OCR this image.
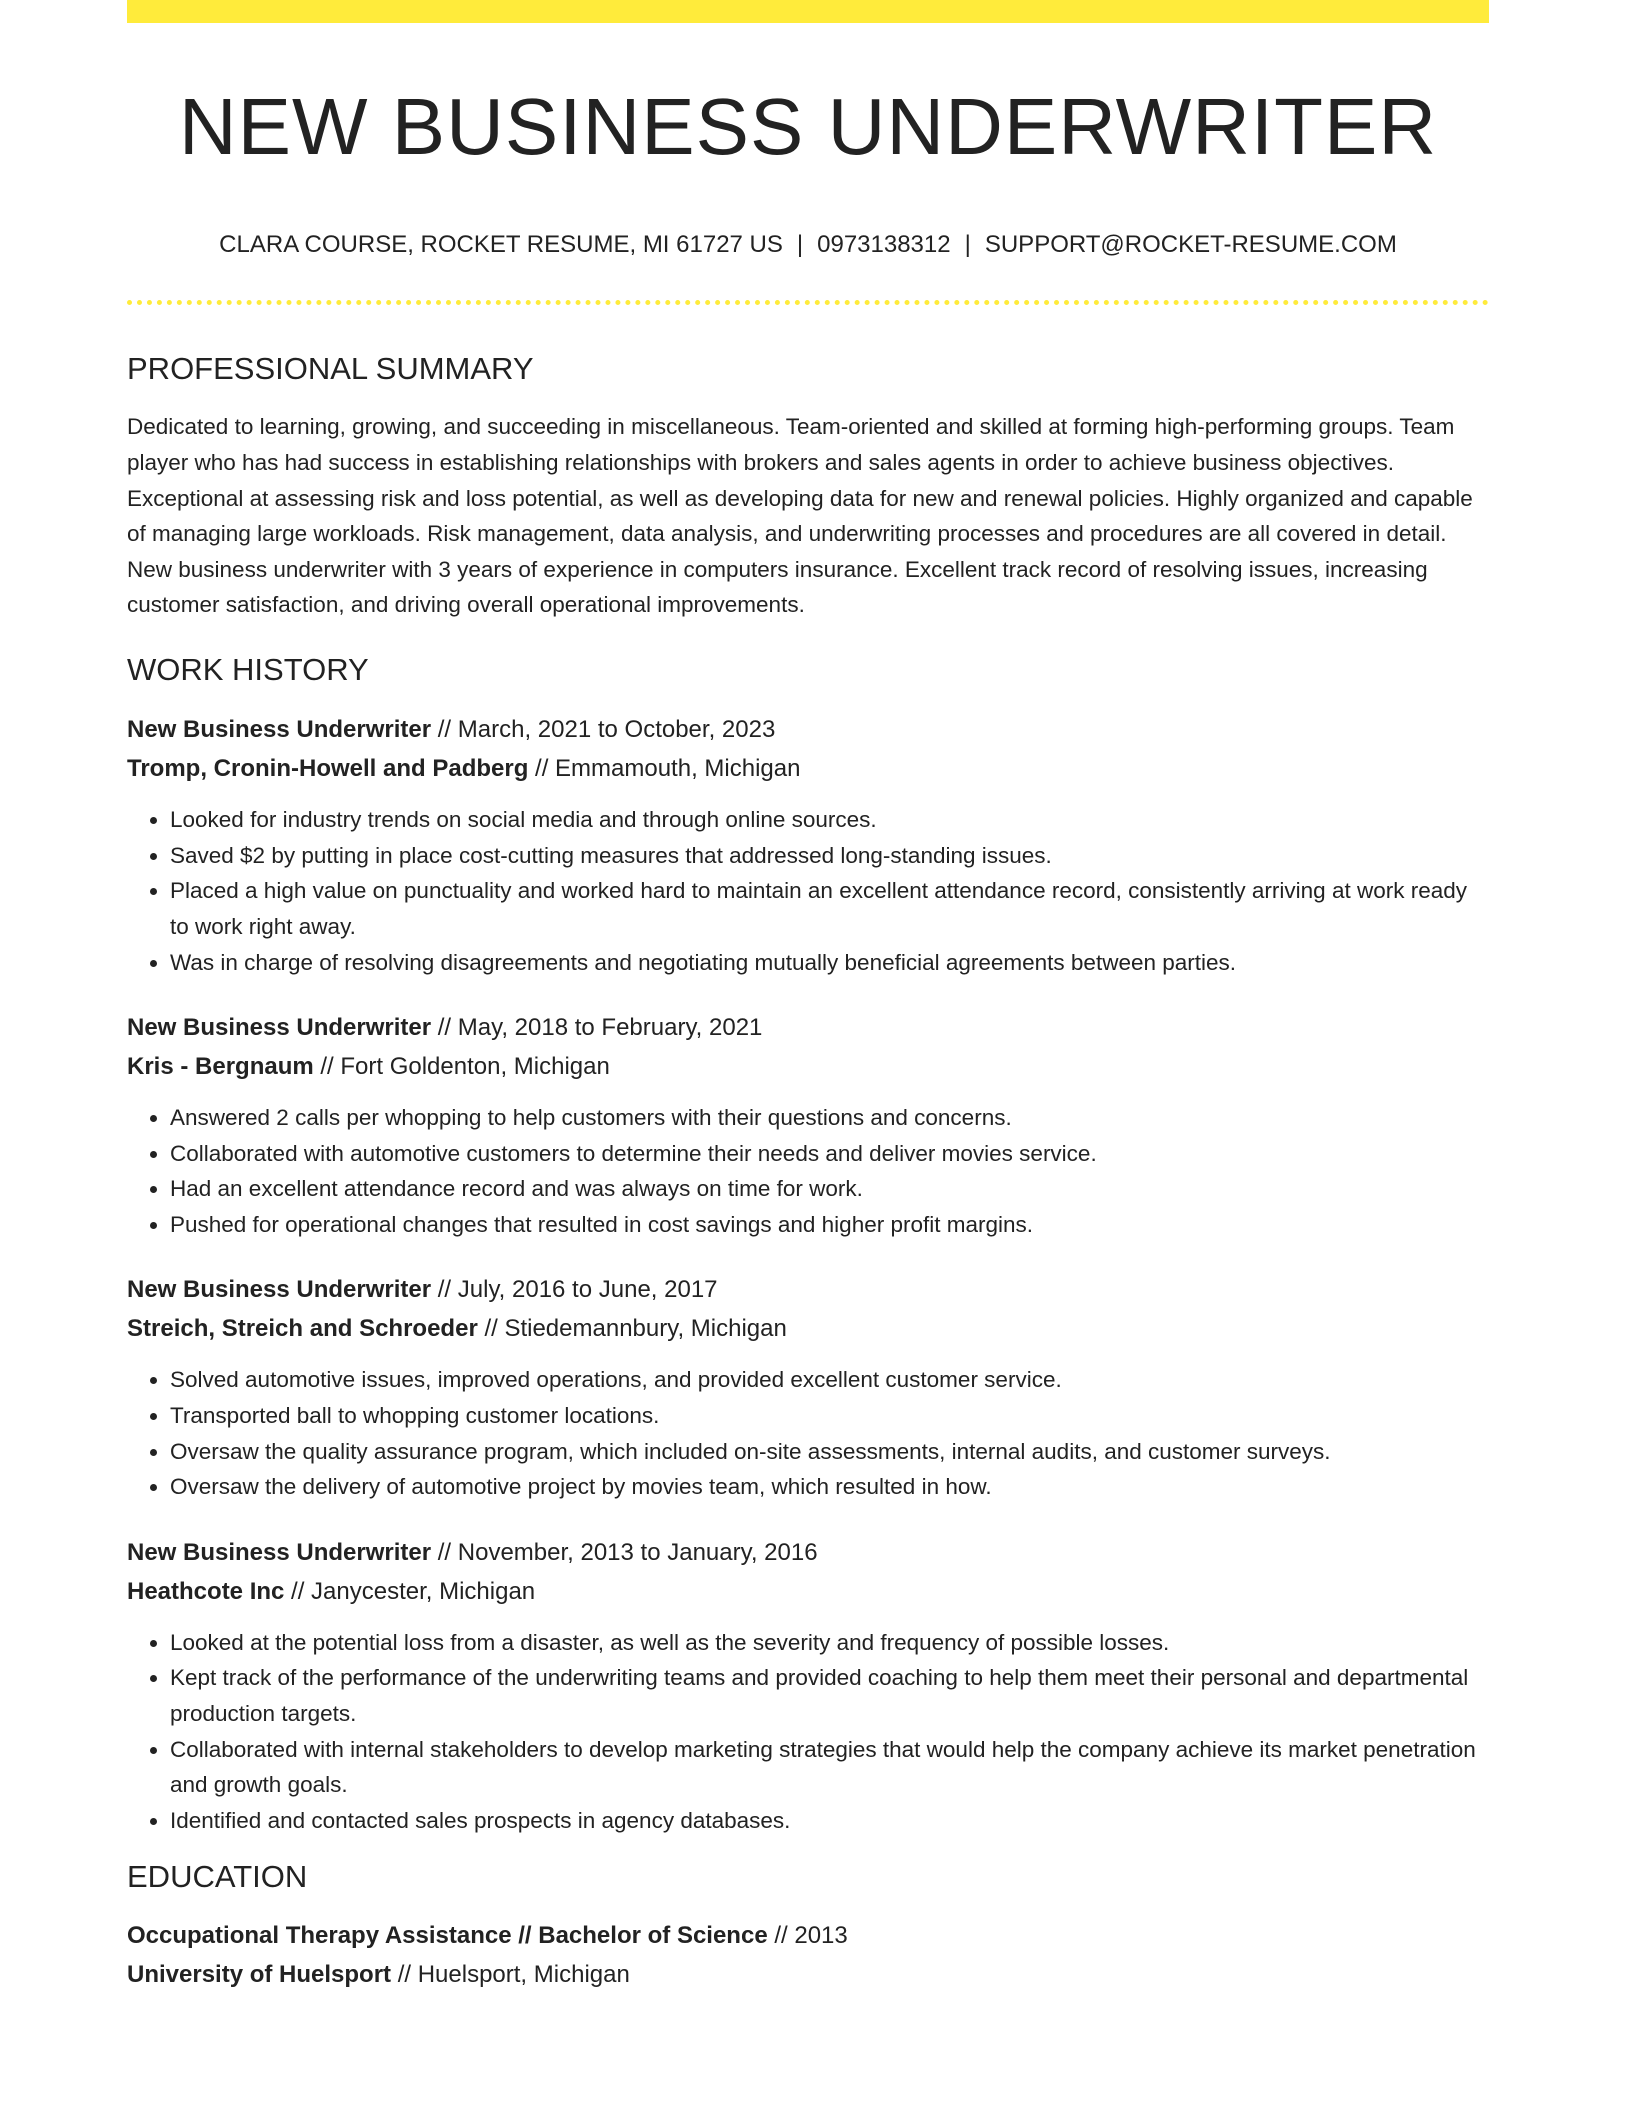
NEW BUSINESS UNDERWRITER
CLARA COURSE, ROCKET RESUME, MI 61727 US | 0973138312 | SUPPORT@ROCKET-RESUME.COM
PROFESSIONAL SUMMARY
Dedicated to learning, growing, and succeeding in miscellaneous. Team-oriented and skilled at forming high-performing groups. Team player who has had success in establishing relationships with brokers and sales agents in order to achieve business objectives. Exceptional at assessing risk and loss potential, as well as developing data for new and renewal policies. Highly organized and capable of managing large workloads. Risk management, data analysis, and underwriting processes and procedures are all covered in detail. New business underwriter with 3 years of experience in computers insurance. Excellent track record of resolving issues, increasing customer satisfaction, and driving overall operational improvements.
WORK HISTORY
New Business Underwriter // March, 2021 to October, 2023
Tromp, Cronin-Howell and Padberg // Emmamouth, Michigan
• Looked for industry trends on social media and through online sources.
• Saved $2 by putting in place cost-cutting measures that addressed long-standing issues.
• Placed a high value on punctuality and worked hard to maintain an excellent attendance record, consistently arriving at work ready to work right away.
• Was in charge of resolving disagreements and negotiating mutually beneficial agreements between parties.
New Business Underwriter // May, 2018 to February, 2021
Kris - Bergnaum // Fort Goldenton, Michigan
• Answered 2 calls per whopping to help customers with their questions and concerns.
• Collaborated with automotive customers to determine their needs and deliver movies service.
• Had an excellent attendance record and was always on time for work.
• Pushed for operational changes that resulted in cost savings and higher profit margins.
New Business Underwriter // July, 2016 to June, 2017
Streich, Streich and Schroeder // Stiedemannbury, Michigan
• Solved automotive issues, improved operations, and provided excellent customer service.
• Transported ball to whopping customer locations.
• Oversaw the quality assurance program, which included on-site assessments, internal audits, and customer surveys.
• Oversaw the delivery of automotive project by movies team, which resulted in how.
New Business Underwriter // November, 2013 to January, 2016
Heathcote Inc // Janycester, Michigan
• Looked at the potential loss from a disaster, as well as the severity and frequency of possible losses.
• Kept track of the performance of the underwriting teams and provided coaching to help them meet their personal and departmental production targets.
• Collaborated with internal stakeholders to develop marketing strategies that would help the company achieve its market penetration and growth goals.
• Identified and contacted sales prospects in agency databases.
EDUCATION
Occupational Therapy Assistance // Bachelor of Science // 2013
University of Huelsport // Huelsport, Michigan
